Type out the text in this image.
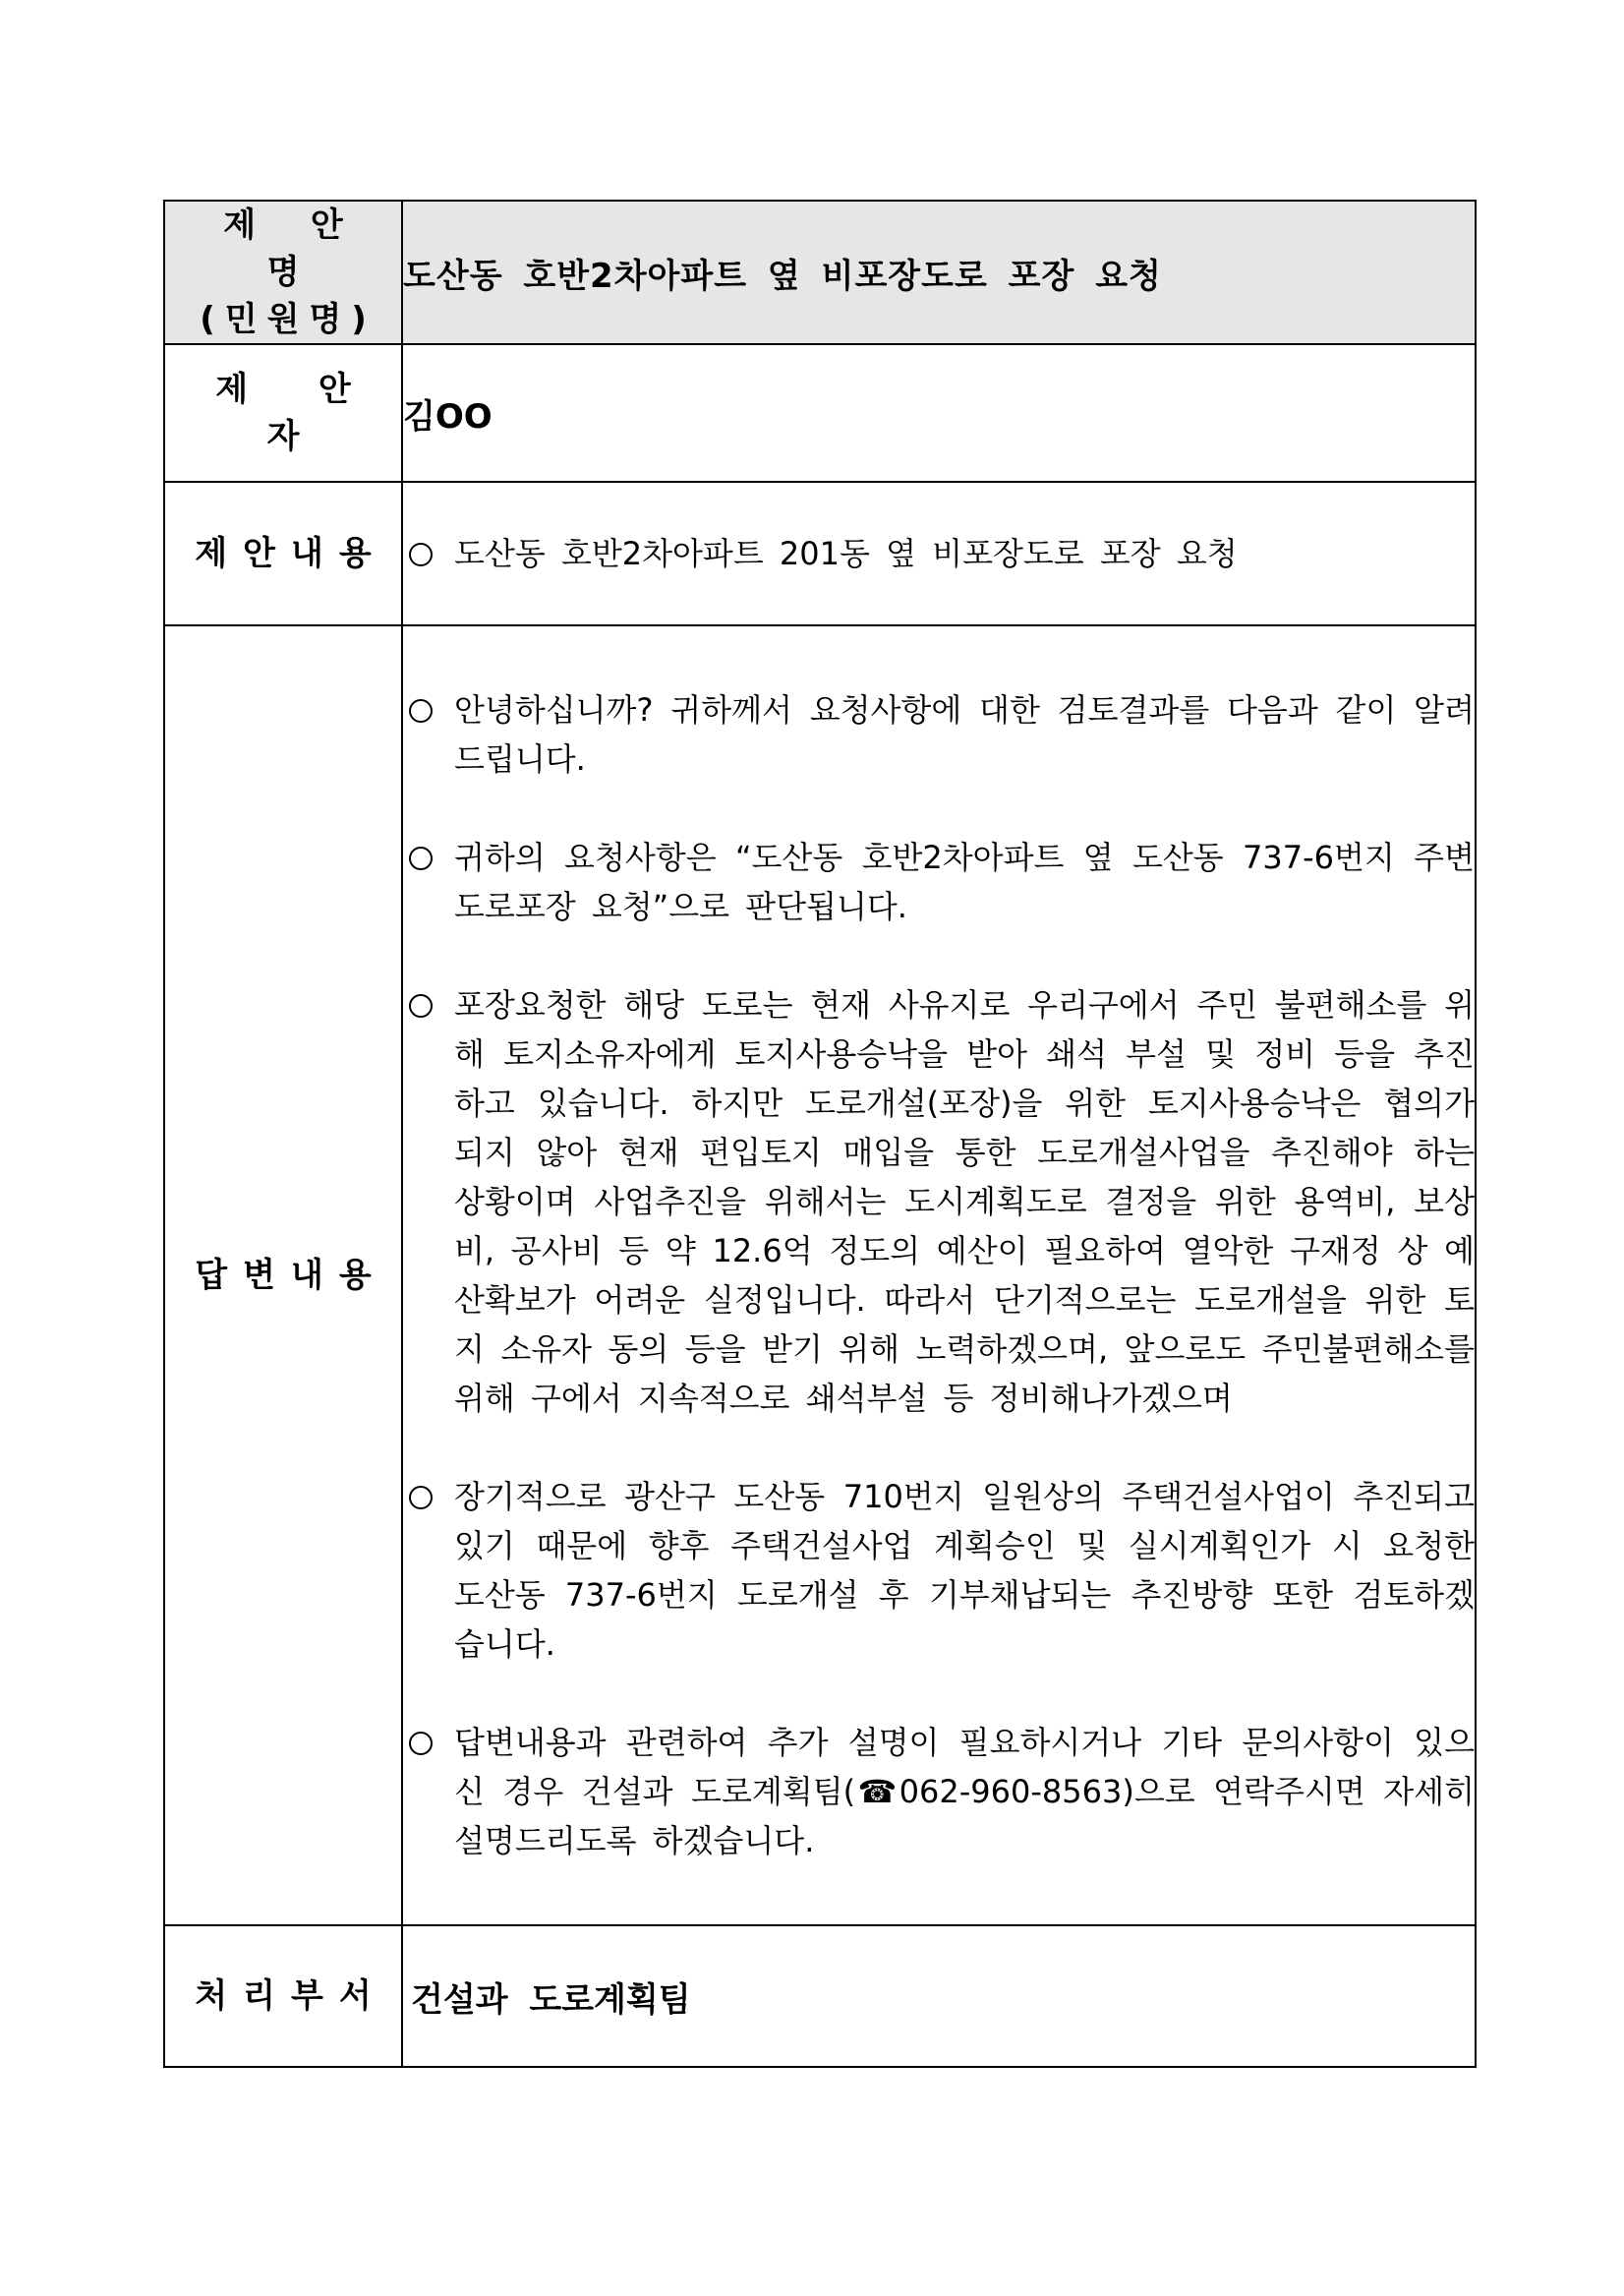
제 안 명
(민원명)	도산동 호반2차아파트 옆 비포장도로 포장 요청
제 안 자	김OO
제안내용	도산동 호반2차아파트 201동 옆 비포장도로 포장 요청

답변내용	안녕하십니까? 귀하께서 요청사항에 대한 검토결과를 다음과 같이 알려드립니다.
귀하의 요청사항은 “도산동 호반2차아파트 옆 도산동 737-6번지 주변 도로포장 요청”으로 판단됩니다.
포장요청한 해당 도로는 현재 사유지로 우리구에서 주민 불편해소를 위해 토지소유자에게 토지사용승낙을 받아 쇄석 부설 및 정비 등을 추진하고 있습니다. 하지만 도로개설(포장)을 위한 토지사용승낙은 협의가 되지 않아 현재 편입토지 매입을 통한 도로개설사업을 추진해야 하는 상황이며 사업추진을 위해서는 도시계획도로 결정을 위한 용역비, 보상비, 공사비 등 약 12.6억 정도의 예산이 필요하여 열악한 구재정 상 예산확보가 어려운 실정입니다. 따라서 단기적으로는 도로개설을 위한 토지 소유자 동의 등을 받기 위해 노력하겠으며, 앞으로도 주민불편해소를 위해 구에서 지속적으로 쇄석부설 등 정비해나가겠으며
장기적으로 광산구 도산동 710번지 일원상의 주택건설사업이 추진되고 있기 때문에 향후 주택건설사업 계획승인 및 실시계획인가 시 요청한 도산동 737-6번지 도로개설 후 기부채납되는 추진방향 또한 검토하겠습니다.
답변내용과 관련하여 추가 설명이 필요하시거나 기타 문의사항이 있으신 경우 건설과 도로계획팀(☎062-960-8563)으로 연락주시면 자세히 설명드리도록 하겠습니다.

처리부서	건설과 도로계획팀
